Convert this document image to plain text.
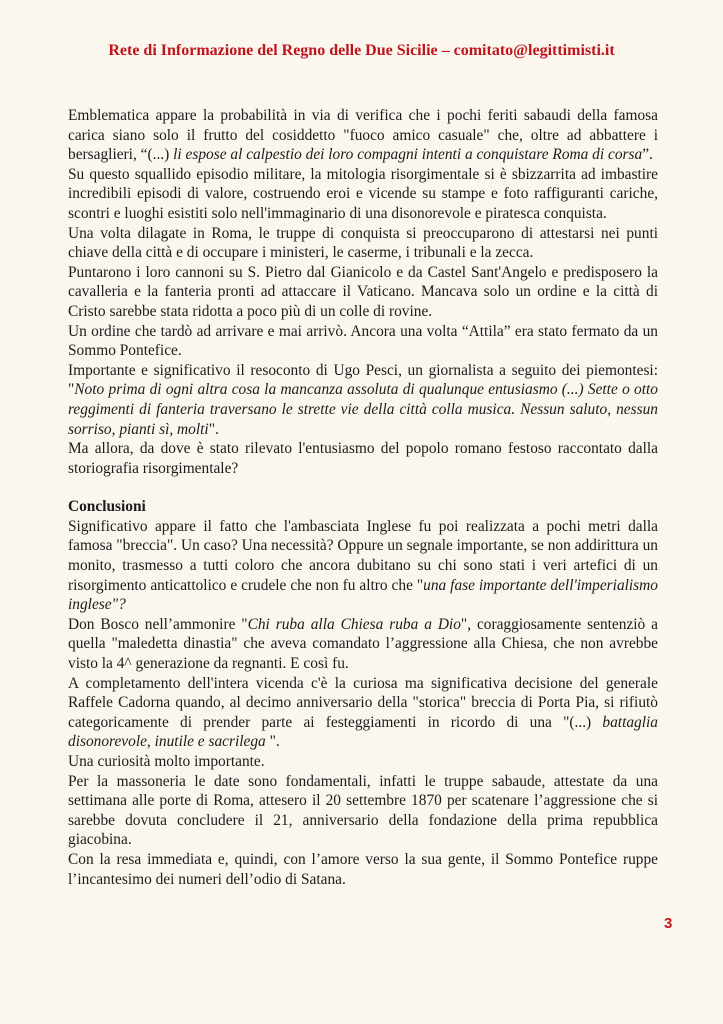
Rete di Informazione del Regno delle Due Sicilie – comitato@legittimisti.it

Emblematica appare la probabilità in via di verifica che i pochi feriti sabaudi della famosa carica siano solo il frutto del cosiddetto "fuoco amico casuale" che, oltre ad abbattere i bersaglieri, “(...) li espose al calpestio dei loro compagni intenti a conquistare Roma di corsa”.

Su questo squallido episodio militare, la mitologia risorgimentale si è sbizzarrita ad imbastire incredibili episodi di valore, costruendo eroi e vicende su stampe e foto raffiguranti cariche, scontri e luoghi esistiti solo nell'immaginario di una disonorevole e piratesca conquista.

Una volta dilagate in Roma, le truppe di conquista si preoccuparono di attestarsi nei punti chiave della città e di occupare i ministeri, le caserme, i tribunali e la zecca.

Puntarono i loro cannoni su S. Pietro dal Gianicolo e da Castel Sant'Angelo e predisposero la cavalleria e la fanteria pronti ad attaccare il Vaticano. Mancava solo un ordine e la città di Cristo sarebbe stata ridotta a poco più di un colle di rovine.

Un ordine che tardò ad arrivare e mai arrivò. Ancora una volta “Attila” era stato fermato da un Sommo Pontefice.

Importante e significativo il resoconto di Ugo Pesci, un giornalista a seguito dei piemontesi: "Noto prima di ogni altra cosa la mancanza assoluta di qualunque entusiasmo (...) Sette o otto reggimenti di fanteria traversano le strette vie della città colla musica. Nessun saluto, nessun sorriso, pianti sì, molti".

Ma allora, da dove è stato rilevato l'entusiasmo del popolo romano festoso raccontato dalla storiografia risorgimentale?

Conclusioni

Significativo appare il fatto che l'ambasciata Inglese fu poi realizzata a pochi metri dalla famosa "breccia". Un caso? Una necessità? Oppure un segnale importante, se non addirittura un monito, trasmesso a tutti coloro che ancora dubitano su chi sono stati i veri artefici di un risorgimento anticattolico e crudele che non fu altro che "una fase importante dell'imperialismo inglese"?

Don Bosco nell’ammonire "Chi ruba alla Chiesa ruba a Dio", coraggiosamente sentenziò a quella "maledetta dinastia" che aveva comandato l’aggressione alla Chiesa, che non avrebbe visto la 4^ generazione da regnanti. E così fu.

A completamento dell'intera vicenda c'è la curiosa ma significativa decisione del generale Raffele Cadorna quando, al decimo anniversario della "storica" breccia di Porta Pia, si rifiutò categoricamente di prender parte ai festeggiamenti in ricordo di una "(...) battaglia disonorevole, inutile e sacrilega ".

Una curiosità molto importante.

Per la massoneria le date sono fondamentali, infatti le truppe sabaude, attestate da una settimana alle porte di Roma, attesero il 20 settembre 1870 per scatenare l’aggressione che si sarebbe dovuta concludere il 21, anniversario della fondazione della prima repubblica giacobina.

Con la resa immediata e, quindi, con l’amore verso la sua gente, il Sommo Pontefice ruppe l’incantesimo dei numeri dell’odio di Satana.

3
